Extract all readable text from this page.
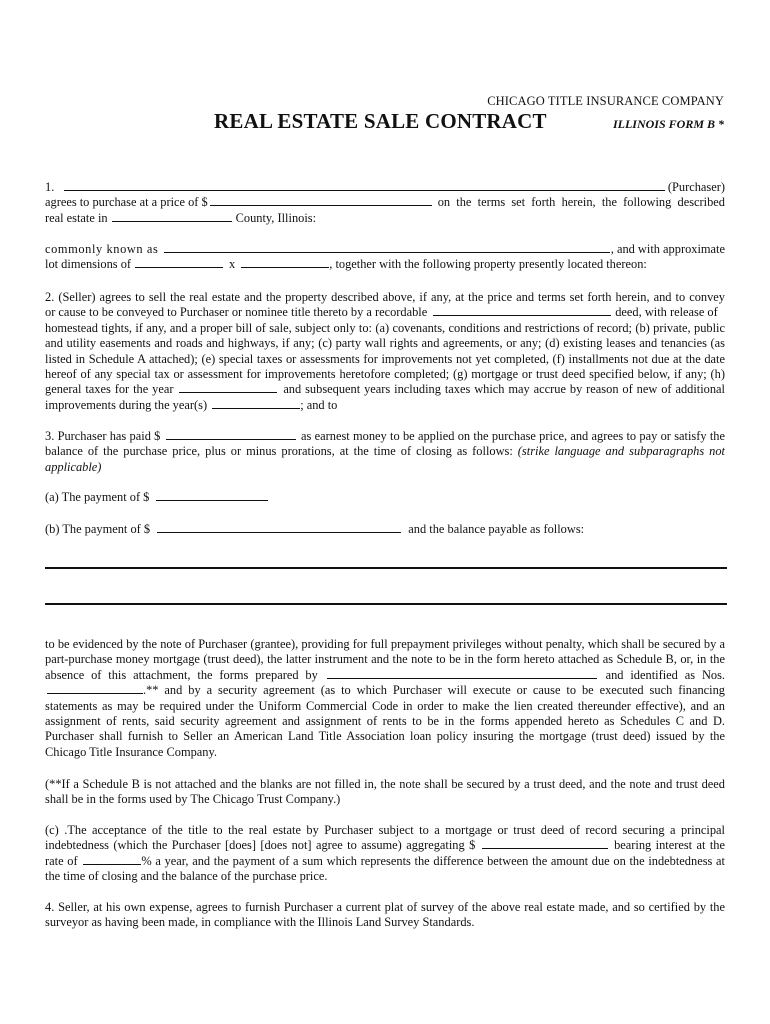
CHICAGO TITLE INSURANCE COMPANY
REAL ESTATE SALE CONTRACT	ILLINOIS FORM B *
1.	(Purchaser)
agrees to purchase at a price of $	on the terms set forth herein, the following described
real estate in	County, Illinois:
commonly known as	, and with approximate
lot dimensions of	x	, together with the following property presently located thereon:
2. (Seller) agrees to sell the real estate and the property described above, if any, at the price and terms set forth herein, and to convey
or cause to be conveyed to Purchaser or nominee title thereto by a recordable	deed, with release of
homestead tights, if any, and a proper bill of sale, subject only to: (a) covenants, conditions and restrictions of record; (b) private, public and utility easements and roads and highways, if any; (c) party wall rights and agreements, or any; (d) existing leases and tenancies (as listed in Schedule A attached); (e) special taxes or assessments for improvements not yet completed, (f) installments not due at the date hereof of any special tax or assessment for improvements heretofore completed; (g) mortgage or trust deed specified below, if any; (h) general taxes for the year	and subsequent years including taxes which may accrue by reason of new of additional improvements during the year(s)	; and to
3. Purchaser has paid $	as earnest money to be applied on the purchase price, and agrees to pay or satisfy the balance of the purchase price, plus or minus prorations, at the time of closing as follows: (strike language and subparagraphs not applicable)
(a) The payment of $
(b) The payment of $	and the balance payable as follows:
to be evidenced by the note of Purchaser (grantee), providing for full prepayment privileges without penalty, which shall be secured by a part-purchase money mortgage (trust deed), the latter instrument and the note to be in the form hereto attached as Schedule B, or, in the absence of this attachment, the forms prepared by	and identified as Nos. .** and by a security agreement (as to which Purchaser will execute or cause to be executed such financing statements as may be required under the Uniform Commercial Code in order to make the lien created thereunder effective), and an assignment of rents, said security agreement and assignment of rents to be in the forms appended hereto as Schedules C and D. Purchaser shall furnish to Seller an American Land Title Association loan policy insuring the mortgage (trust deed) issued by the Chicago Title Insurance Company.
(**If a Schedule B is not attached and the blanks are not filled in, the note shall be secured by a trust deed, and the note and trust deed shall be in the forms used by The Chicago Trust Company.)
(c) .The acceptance of the title to the real estate by Purchaser subject to a mortgage or trust deed of record securing a principal indebtedness (which the Purchaser [does] [does not] agree to assume) aggregating $	bearing interest at the rate of	% a year, and the payment of a sum which represents the difference between the amount due on the indebtedness at the time of closing and the balance of the purchase price.
4. Seller, at his own expense, agrees to furnish Purchaser a current plat of survey of the above real estate made, and so certified by the surveyor as having been made, in compliance with the Illinois Land Survey Standards.
